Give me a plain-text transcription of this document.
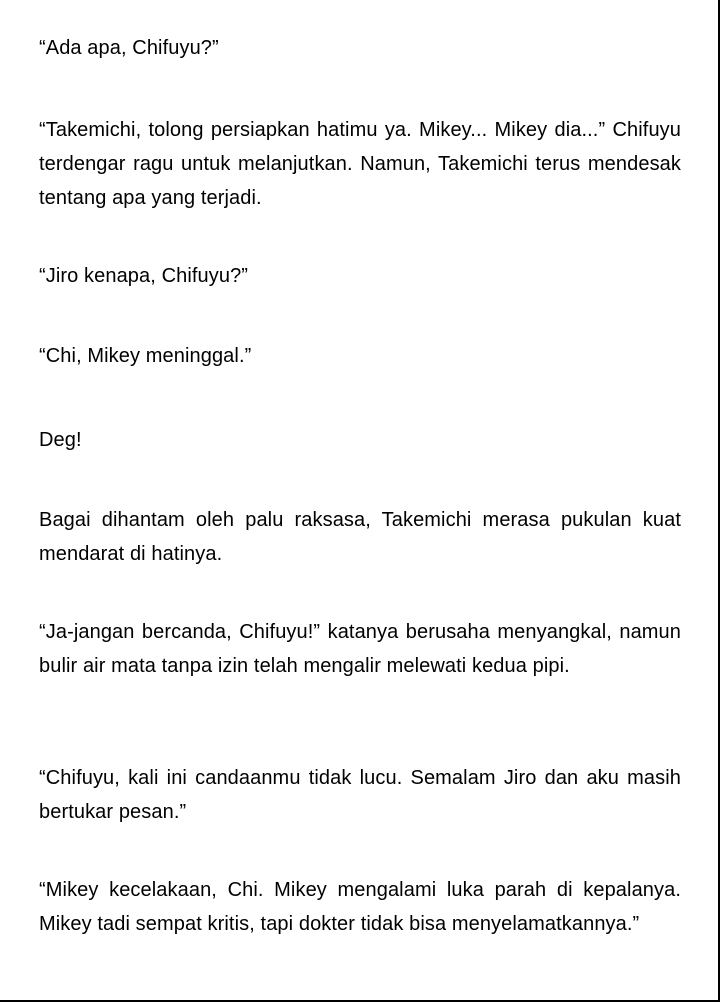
“Ada apa, Chifuyu?”

“Takemichi, tolong persiapkan hatimu ya. Mikey... Mikey dia...” Chifuyu terdengar ragu untuk melanjutkan. Namun, Takemichi terus mendesak tentang apa yang terjadi.

“Jiro kenapa, Chifuyu?”

“Chi, Mikey meninggal.”

Deg!

Bagai dihantam oleh palu raksasa, Takemichi merasa pukulan kuat mendarat di hatinya.

“Ja-jangan bercanda, Chifuyu!” katanya berusaha menyangkal, namun bulir air mata tanpa izin telah mengalir melewati kedua pipi.

“Chifuyu, kali ini candaanmu tidak lucu. Semalam Jiro dan aku masih bertukar pesan.”

“Mikey kecelakaan, Chi. Mikey mengalami luka parah di kepalanya. Mikey tadi sempat kritis, tapi dokter tidak bisa menyelamatkannya.”
